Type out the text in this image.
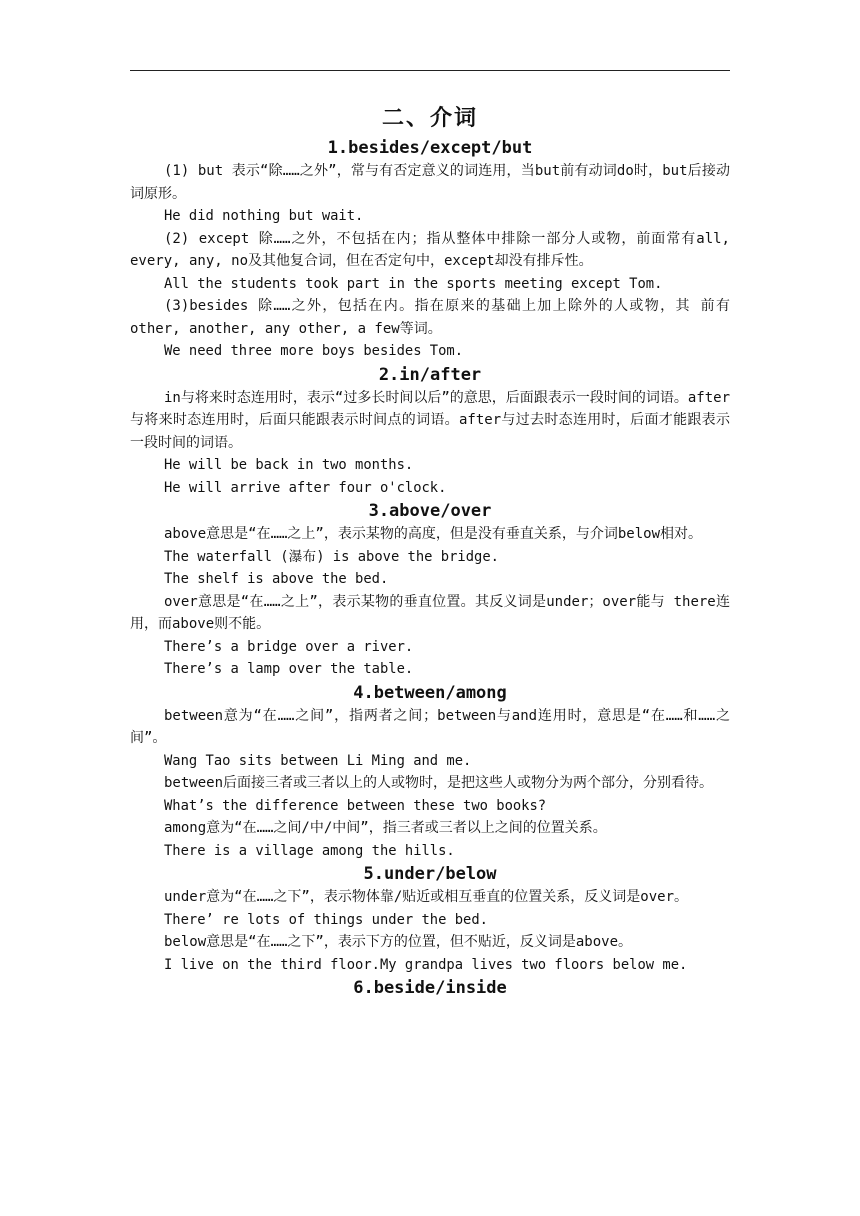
二、介词

1.besides/except/but

(1) but 表示“除……之外”，常与有否定意义的词连用，当but前有动词do时，but后接动词原形。

He did nothing but wait.

(2) except 除……之外，不包括在内；指从整体中排除一部分人或物，前面常有all, every, any, no及其他复合词，但在否定句中，except却没有排斥性。

All the students took part in the sports meeting except Tom.

(3)besides 除……之外，包括在内。指在原来的基础上加上除外的人或物，其 前有other, another, any other, a few等词。

We need three more boys besides Tom.

2.in/after

in与将来时态连用时，表示“过多长时间以后”的意思，后面跟表示一段时间的词语。after与将来时态连用时，后面只能跟表示时间点的词语。after与过去时态连用时，后面才能跟表示一段时间的词语。

He will be back in two months.

He will arrive after four o'clock.

3.above/over

above意思是“在……之上”，表示某物的高度，但是没有垂直关系，与介词below相对。

The waterfall (瀑布) is above the bridge.

The shelf is above the bed.

over意思是“在……之上”，表示某物的垂直位置。其反义词是under；over能与 there连用，而above则不能。

There’s a bridge over a river.

There’s a lamp over the table.

4.between/among

between意为“在……之间”，指两者之间；between与and连用时，意思是“在……和……之间”。

Wang Tao sits between Li Ming and me.

between后面接三者或三者以上的人或物时，是把这些人或物分为两个部分，分别看待。

What’s the difference between these two books?

among意为“在……之间/中/中间”，指三者或三者以上之间的位置关系。

There is a village among the hills.

5.under/below

under意为“在……之下”，表示物体靠/贴近或相互垂直的位置关系，反义词是over。

There’ re lots of things under the bed.

below意思是“在……之下”，表示下方的位置，但不贴近，反义词是above。

I live on the third floor.My grandpa lives two floors below me.

6.beside/inside
